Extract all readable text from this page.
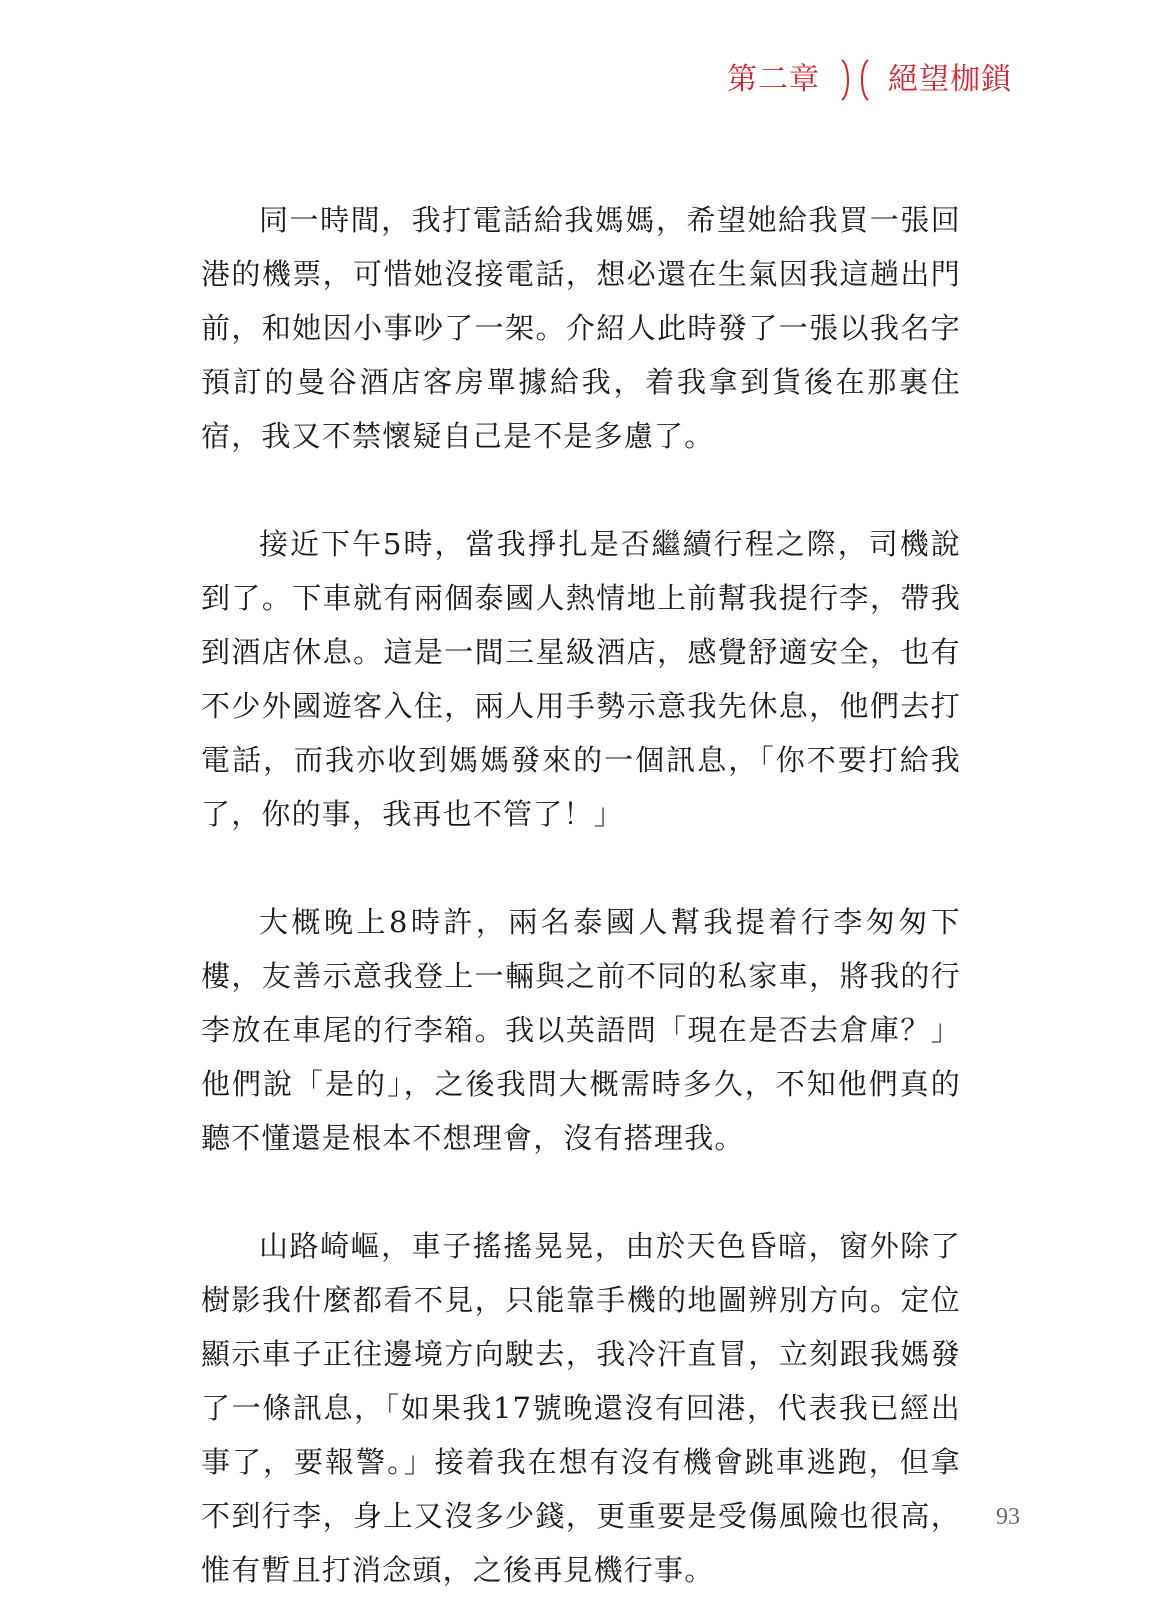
第二章 絕望枷鎖

同一時間，我打電話給我媽媽，希望她給我買一張回港的機票，可惜她沒接電話，想必還在生氣因我這趟出門前，和她因小事吵了一架。介紹人此時發了一張以我名字預訂的曼谷酒店客房單據給我，着我拿到貨後在那裏住宿，我又不禁懷疑自己是不是多慮了。

接近下午5時，當我掙扎是否繼續行程之際，司機說到了。下車就有兩個泰國人熱情地上前幫我提行李，帶我到酒店休息。這是一間三星級酒店，感覺舒適安全，也有不少外國遊客入住，兩人用手勢示意我先休息，他們去打電話，而我亦收到媽媽發來的一個訊息，「你不要打給我了，你的事，我再也不管了！」

大概晚上8時許，兩名泰國人幫我提着行李匆匆下樓，友善示意我登上一輛與之前不同的私家車，將我的行李放在車尾的行李箱。我以英語問「現在是否去倉庫？」他們說「是的」，之後我問大概需時多久，不知他們真的聽不懂還是根本不想理會，沒有搭理我。

山路崎嶇，車子搖搖晃晃，由於天色昏暗，窗外除了樹影我什麼都看不見，只能靠手機的地圖辨別方向。定位顯示車子正往邊境方向駛去，我冷汗直冒，立刻跟我媽發了一條訊息，「如果我17號晚還沒有回港，代表我已經出事了，要報警。」接着我在想有沒有機會跳車逃跑，但拿不到行李，身上又沒多少錢，更重要是受傷風險也很高，惟有暫且打消念頭，之後再見機行事。

93
